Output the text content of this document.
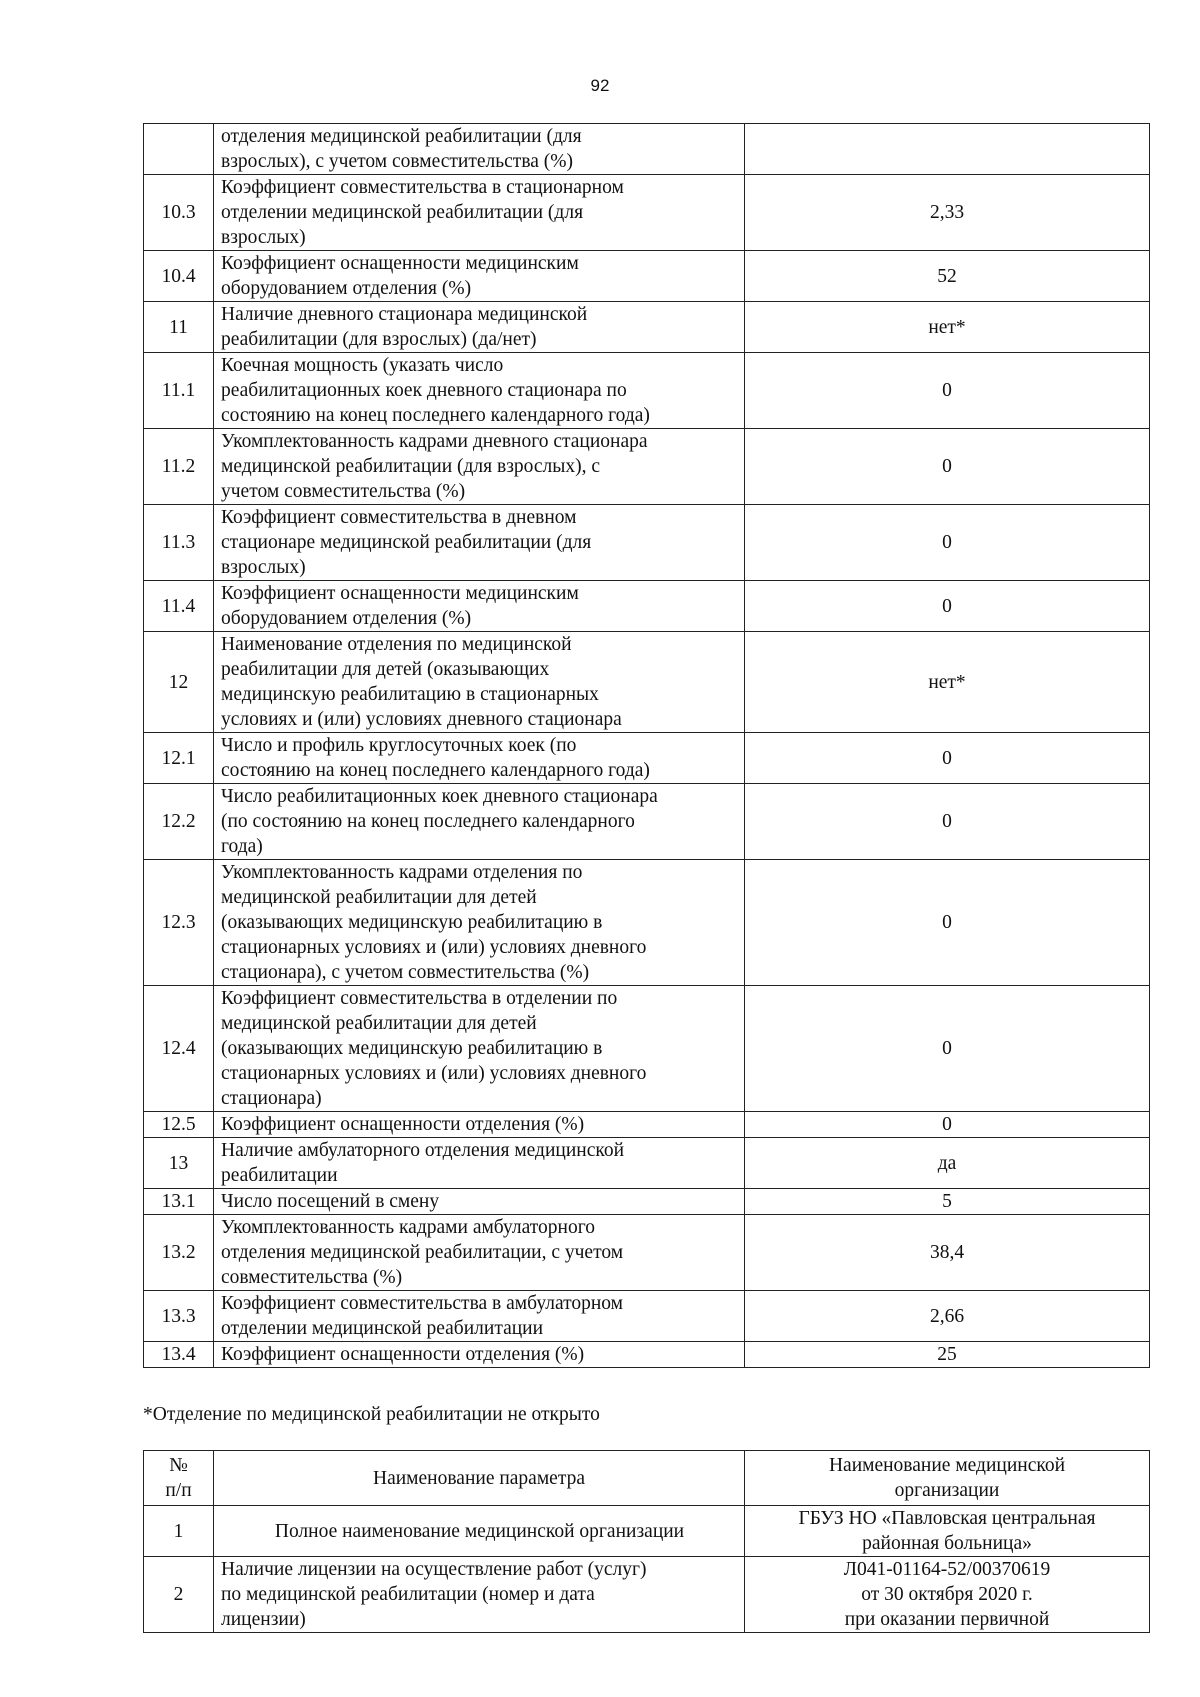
92
	отделения медицинской реабилитации (для
взрослых), с учетом совместительства (%)	
10.3	Коэффициент совместительства в стационарном
отделении медицинской реабилитации (для
взрослых)	2,33
10.4	Коэффициент оснащенности медицинским
оборудованием отделения (%)	52
11	Наличие дневного стационара медицинской
реабилитации (для взрослых) (да/нет)	нет*
11.1	Коечная мощность (указать число
реабилитационных коек дневного стационара по
состоянию на конец последнего календарного года)	0
11.2	Укомплектованность кадрами дневного стационара
медицинской реабилитации (для взрослых), с
учетом совместительства (%)	0
11.3	Коэффициент совместительства в дневном
стационаре медицинской реабилитации (для
взрослых)	0
11.4	Коэффициент оснащенности медицинским
оборудованием отделения (%)	0
12	Наименование отделения по медицинской
реабилитации для детей (оказывающих
медицинскую реабилитацию в стационарных
условиях и (или) условиях дневного стационара	нет*
12.1	Число и профиль круглосуточных коек (по
состоянию на конец последнего календарного года)	0
12.2	Число реабилитационных коек дневного стационара
(по состоянию на конец последнего календарного
года)	0
12.3	Укомплектованность кадрами отделения по
медицинской реабилитации для детей
(оказывающих медицинскую реабилитацию в
стационарных условиях и (или) условиях дневного
стационара), с учетом совместительства (%)	0
12.4	Коэффициент совместительства в отделении по
медицинской реабилитации для детей
(оказывающих медицинскую реабилитацию в
стационарных условиях и (или) условиях дневного
стационара)	0
12.5	Коэффициент оснащенности отделения (%)	0
13	Наличие амбулаторного отделения медицинской
реабилитации	да
13.1	Число посещений в смену	5
13.2	Укомплектованность кадрами амбулаторного
отделения медицинской реабилитации, с учетом
совместительства (%)	38,4
13.3	Коэффициент совместительства в амбулаторном
отделении медицинской реабилитации	2,66
13.4	Коэффициент оснащенности отделения (%)	25
*Отделение по медицинской реабилитации не открыто
№
п/п	Наименование параметра	Наименование медицинской
организации
1	Полное наименование медицинской организации	ГБУЗ НО «Павловская центральная
районная больница»
2	Наличие лицензии на осуществление работ (услуг)
по медицинской реабилитации (номер и дата
лицензии)	Л041-01164-52/00370619
от 30 октября 2020 г.
при оказании первичной
